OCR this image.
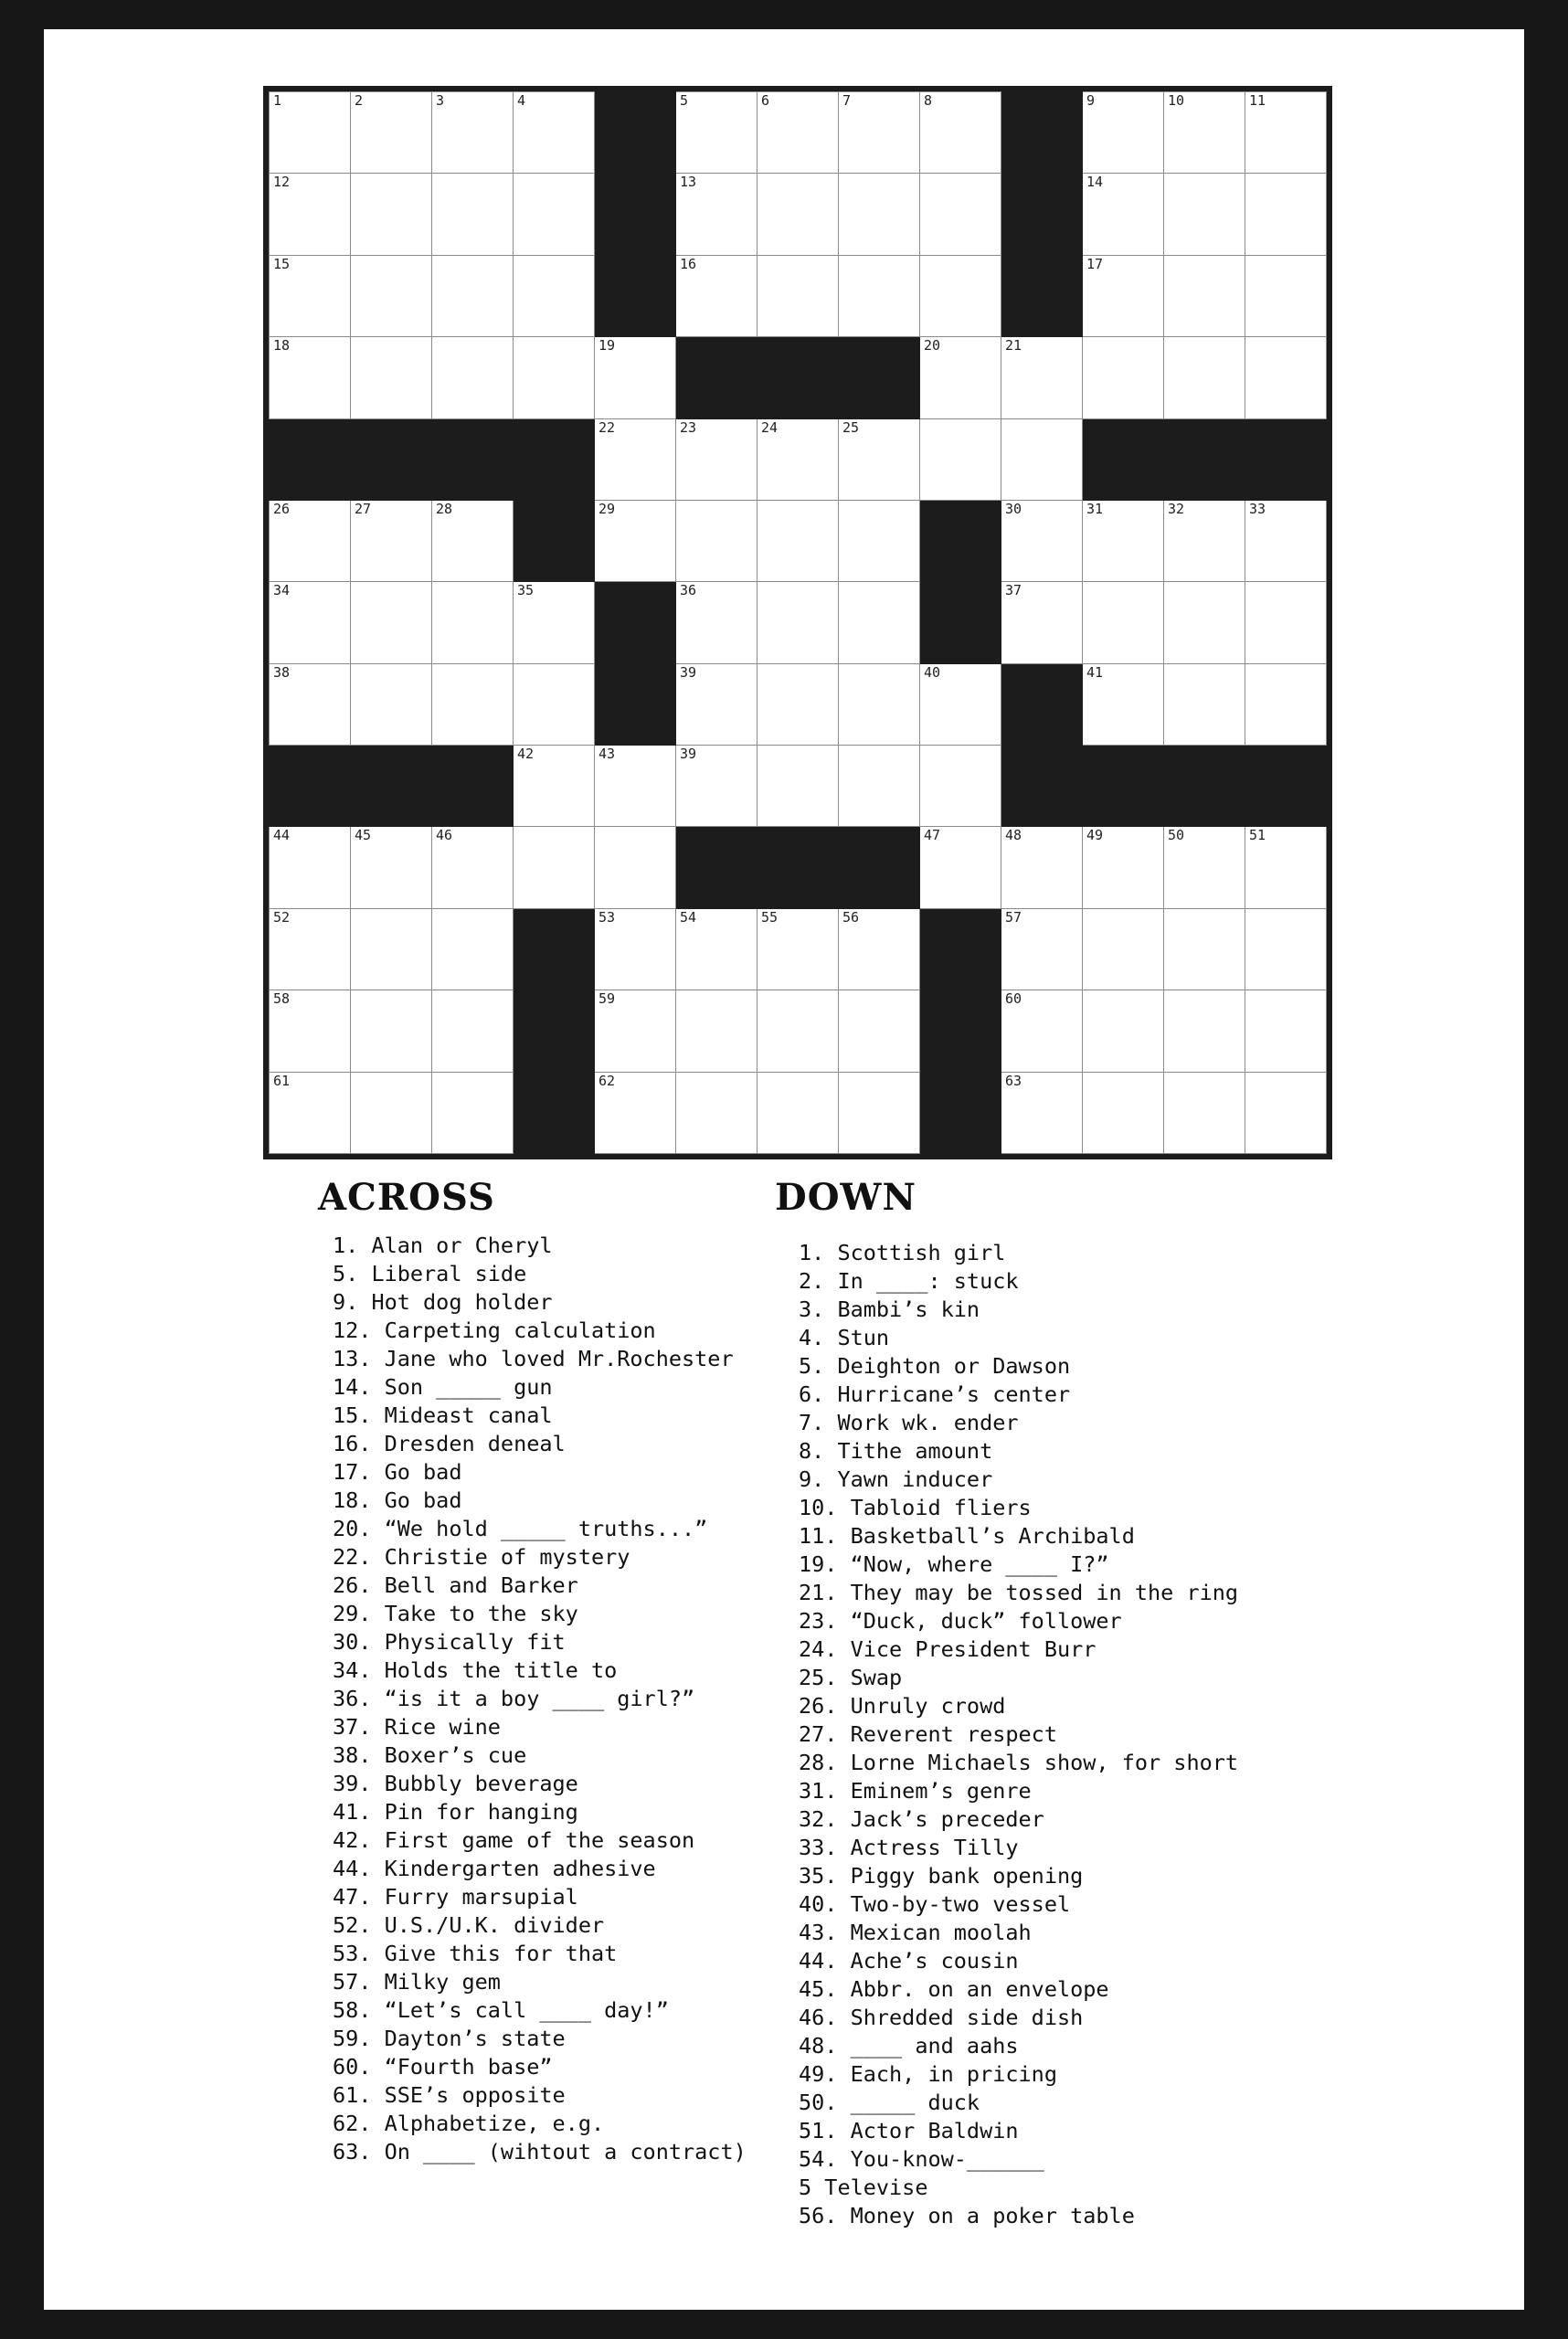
1	2	3	4		5	6	7	8		9	10	11

12					13					14		

15					16					17		

18				19				20	21			

				22	23	24	25					

26	27	28		29					30	31	32	33

34			35		36				37			

38					39			40		41		

			42	43	39							

44	45	46						47	48	49	50	51

52				53	54	55	56		57			

58				59					60			

61				62					63			

ACROSS
1. Alan or Cheryl
5. Liberal side
9. Hot dog holder
12. Carpeting calculation
13. Jane who loved Mr.Rochester
14. Son _____ gun
15. Mideast canal
16. Dresden deneal
17. Go bad
18. Go bad
20. “We hold _____ truths...”
22. Christie of mystery
26. Bell and Barker
29. Take to the sky
30. Physically fit
34. Holds the title to
36. “is it a boy ____ girl?”
37. Rice wine
38. Boxer’s cue
39. Bubbly beverage
41. Pin for hanging
42. First game of the season
44. Kindergarten adhesive
47. Furry marsupial
52. U.S./U.K. divider
53. Give this for that
57. Milky gem
58. “Let’s call ____ day!”
59. Dayton’s state
60. “Fourth base”
61. SSE’s opposite
62. Alphabetize, e.g.
63. On ____ (wihtout a contract)
DOWN
1. Scottish girl
2. In ____: stuck
3. Bambi’s kin
4. Stun
5. Deighton or Dawson
6. Hurricane’s center
7. Work wk. ender
8. Tithe amount
9. Yawn inducer
10. Tabloid fliers
11. Basketball’s Archibald
19. “Now, where ____ I?”
21. They may be tossed in the ring
23. “Duck, duck” follower
24. Vice President Burr
25. Swap
26. Unruly crowd
27. Reverent respect
28. Lorne Michaels show, for short
31. Eminem’s genre
32. Jack’s preceder
33. Actress Tilly
35. Piggy bank opening
40. Two-by-two vessel
43. Mexican moolah
44. Ache’s cousin
45. Abbr. on an envelope
46. Shredded side dish
48. ____ and aahs
49. Each, in pricing
50. _____ duck
51. Actor Baldwin
54. You-know-______
5 Televise
56. Money on a poker table
